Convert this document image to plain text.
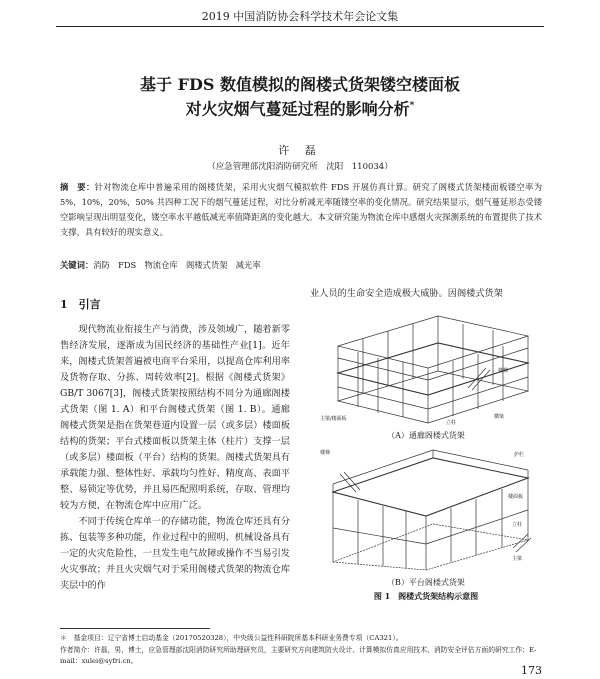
2019 中国消防协会科学技术年会论文集
基于 FDS 数值模拟的阁楼式货架镂空楼面板
对火灾烟气蔓延过程的影响分析*
许 磊
（应急管理部沈阳消防研究所　沈阳　110034）
摘　要：针对物流仓库中普遍采用的阁楼货架，采用火灾烟气模拟软件 FDS 开展仿真计算。研究了阁楼式货架楼面板镂空率为 5%，10%，20%，50% 共四种工况下的烟气蔓延过程，对比分析减光率随镂空率的变化情况。研究结果显示，烟气蔓延形态受镂空影响呈现出明显变化，镂空率水平越低减光率值降距离的变化越大。本文研究能为物流仓库中感烟火灾探测系统的布置提供了技术支撑，具有较好的现实意义。
关键词：消防　FDS　物流仓库　阁楼式货架　减光率
1　引言

现代物流业衔接生产与消费，涉及领域广，随着新零售经济发展，逐渐成为国民经济的基础性产业[1]。近年来，阁楼式货架普遍被电商平台采用，以提高仓库利用率及货物存取、分拣、周转效率[2]。根据《阁楼式货架》GB/T 3067[3]，阁楼式货架按照结构不同分为通廊阁楼式货架（图 1. A）和平台阁楼式货架（图 1. B）。通廊阁楼式货架是指在货架巷道内设置一层（或多层）楼面板结构的货架；平台式楼面板以货架主体（柱片）支撑一层（或多层）楼面板（平台）结构的货架。阁楼式货架具有承载能力强、整体性好、承载均匀性好、精度高、表面平整、易锁定等优势，并且易匹配照明系统，存取、管理均较为方便，在物流仓库中应用广泛。

不同于传统仓库单一的存储功能，物流仓库还具有分拣、包装等多种功能，作业过程中的照明、机械设备具有一定的火灾危险性，一旦发生电气故障或操作不当易引发火灾事故；并且火灾烟气对于采用阁楼式货架的物流仓库夹层中的作

业人员的生命安全造成极大威胁。因阁楼式货架
主梁/楼面板
立柱
横梁
楼梯
（A）通廊阁楼式货架
楼梯	护栏
楼面板
立柱
主梁
（B）平台阁楼式货架
图 1　阁楼式货架结构示意图
＊　基金项目：辽宁省博士启动基金（20170520328），中央级公益性科研院所基本科研业务费专项（CA321）。
作者简介：许磊，男，博士，应急管理部沈阳消防研究所助理研究员，主要研究方向建筑防火设计、计算模拟仿真应用技术、消防安全评估方面的研究工作；E-mail：xulei@syfri.cn。
173
